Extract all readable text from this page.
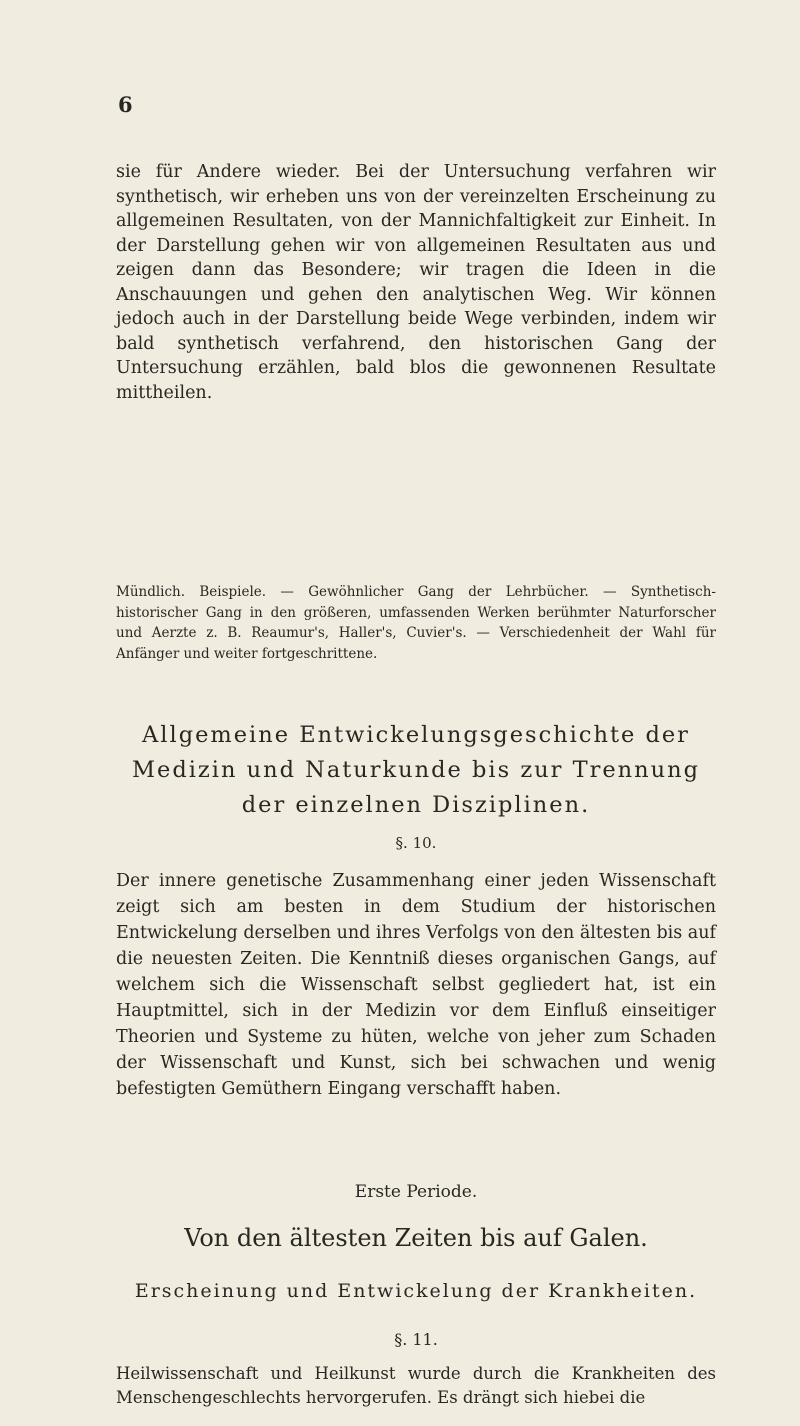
6
sie für Andere wieder. Bei der Untersuchung verfahren wir synthetisch, wir erheben uns von der vereinzelten Erscheinung zu allgemeinen Resultaten, von der Mannichfaltigkeit zur Einheit. In der Darstellung gehen wir von allgemeinen Resultaten aus und zeigen dann das Besondere; wir tragen die Ideen in die Anschauungen und gehen den analytischen Weg. Wir können jedoch auch in der Darstellung beide Wege verbinden, indem wir bald synthetisch verfahrend, den historischen Gang der Untersuchung erzählen, bald blos die gewonnenen Resultate mittheilen.
Mündlich. Beispiele. — Gewöhnlicher Gang der Lehrbücher. — Synthetisch-historischer Gang in den größeren, umfassenden Werken berühmter Naturforscher und Aerzte z. B. Reaumur's, Haller's, Cuvier's. — Verschiedenheit der Wahl für Anfänger und weiter fortgeschrittene.
Allgemeine Entwickelungsgeschichte der Medizin und Naturkunde bis zur Trennung der einzelnen Disziplinen.
§. 10.
Der innere genetische Zusammenhang einer jeden Wissenschaft zeigt sich am besten in dem Studium der historischen Entwickelung derselben und ihres Verfolgs von den ältesten bis auf die neuesten Zeiten. Die Kenntniß dieses organischen Gangs, auf welchem sich die Wissenschaft selbst gegliedert hat, ist ein Hauptmittel, sich in der Medizin vor dem Einfluß einseitiger Theorien und Systeme zu hüten, welche von jeher zum Schaden der Wissenschaft und Kunst, sich bei schwachen und wenig befestigten Gemüthern Eingang verschafft haben.
Erste Periode.
Von den ältesten Zeiten bis auf Galen.
Erscheinung und Entwickelung der Krankheiten.
§. 11.
Heilwissenschaft und Heilkunst wurde durch die Krankheiten des Menschengeschlechts hervorgerufen. Es drängt sich hiebei die
